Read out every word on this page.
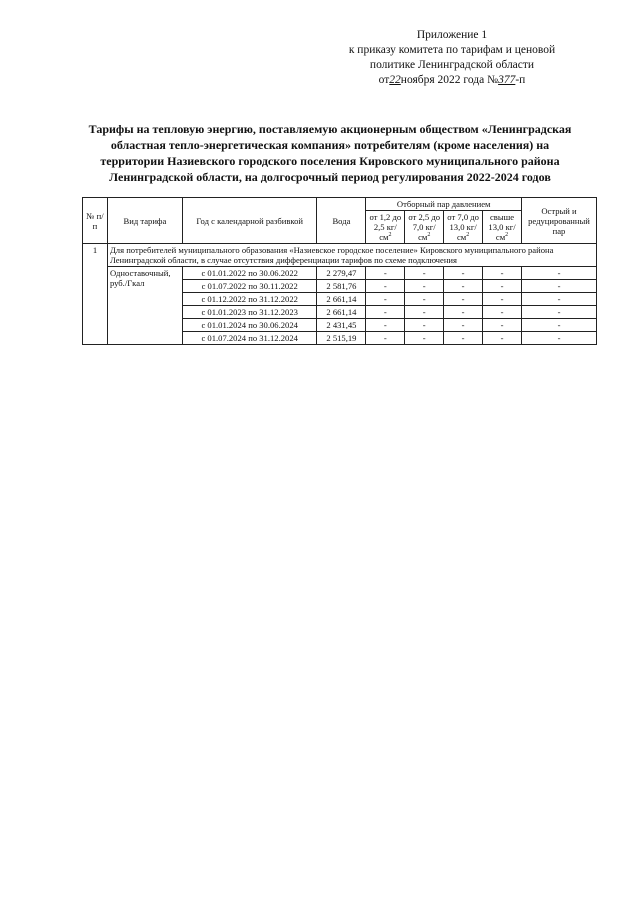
Приложение 1
к приказу комитета по тарифам и ценовой
политике Ленинградской области
от22ноября 2022 года №377-п
Тарифы на тепловую энергию, поставляемую акционерным обществом «Ленинградская областная тепло-энергетическая компания» потребителям (кроме населения) на территории Назиевского городского поселения Кировского муниципального района Ленинградской области, на долгосрочный период регулирования 2022-2024 годов
№ п/п	Вид тарифа	Год с календарной разбивкой	Вода	Отборный пар давлением				Острый и редуцированный пар
				от 1,2 до 2,5 $кг/см^2$	от 2,5 до 7,0 $кг/см^2$	от 7,0 до 13,0 $кг/см^2$	свыше 13,0 $кг/см^2$
1	Для потребителей муниципального образования «Назиевское городское поселение» Кировского муниципального района Ленинградской области, в случае отсутствия дифференциации тарифов по схеме подключения							
	Одноставочный, руб./Гкал	с 01.01.2022 по 30.06.2022	2 279,47	-	-	-	-	-
		с 01.07.2022 по 30.11.2022	2 581,76	-	-	-	-	-
		с 01.12.2022 по 31.12.2022	2 661,14	-	-	-	-	-
		с 01.01.2023 по 31.12.2023	2 661,14	-	-	-	-	-
		с 01.01.2024 по 30.06.2024	2 431,45	-	-	-	-	-
		с 01.07.2024 по 31.12.2024	2 515,19	-	-	-	-	-
